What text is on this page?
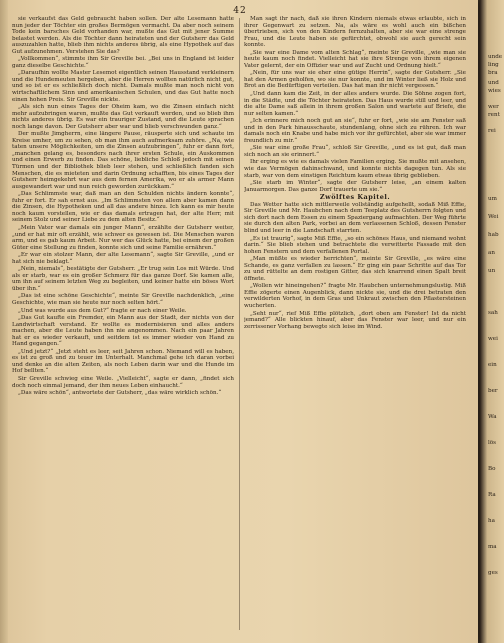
42

sie verkaufst das Geld gebraucht haben sollen. Der alte Lesemann hatte nun jeder der Töchter ein großes Bermögen vermacht. Da aber noch seinem Tode kein barsches Geld vorhanden war, mußte das Gut mit jener Summe belastet werden. Als die Töchter dann heirateten und der Gutsherr das Geld auszuzahlen hatte, blieb ihm nichts anderes übrig, als eine Hypothek auf das Gut aufzunehmen. Verstehen Sie das?

„Vollkommen“, stimmte ihm Sir Greville bei. „Bei uns in England ist leider ganz dieselbe Geschichte.“

„Daraufhin wollte Master Lesemot eigentlich seinen Hausstand verkleinern und die Hundemeuten hergeben, aber die Herren wollten natürlich nicht gut, und so ist er es schließlich doch nicht. Damals mußte man noch nicht von wirtschaftlichem Sinn und amerikanischen Schulen, und das Gut hatte noch einen hohen Preis. Sir Greville nickte.

„Als sich nun eines Tages der Oheim kam, wo die Zinsen einfach nicht mehr aufzubringen waren, mußte das Gut verkauft werden, und so blieb ihm nichts anderes übrig. Es war ein trauriger Zustand, und die Leute sprachen noch lange davon. Der Gutsherr aber war und blieb verschwunden ganz.“

Der mußte Jimgherrn, eine längere Pause, räusperte sich und schaute im Kreise umher, um zu sehen, ob man ihm auch aufmerksam zuhöre. „Na, wie taten unsere Möglichkeiten, um die Zinsen aufzubringen“, fuhr er dann fort, „manchen gelang es, besonders nach ihrer ersten Schule, ein Auskommen und einen Erwerb zu finden. Das schöne, liebliche Schloß jedoch mit seinen Türmen und der Bibliothek blieb leer stehen, und schließlich fanden sich Menschen, die es mieteten und darin Ordnung schafften, bis eines Tages der Gutsherr heimgekehrt war aus dem fernen Amerika, wo er als armer Mann ausgewandert war und nun reich geworden zurückkam.“

„Das Schlimmste war, daß man an den Schulden nichts ändern konnte“, fuhr er fort. Er sah ernst aus. „Im Schlimmsten von allem aber kamen dann die Zinsen, die Hypotheken und all das andere hinzu. Ich kann es mir heute noch kaum vorstellen, wie er das damals ertragen hat, der alte Herr, mit seinem Stolz und seiner Liebe zu dem alten Besitz.“

„Mein Vater war damals ein junger Mann“, erzählte der Gutsherr weiter, „und er hat mir oft erzählt, wie schwer es gewesen ist. Die Menschen waren arm, und es gab kaum Arbeit. Nur wer das Glück hatte, bei einem der großen Güter eine Stellung zu finden, konnte sich und seine Familie ernähren.“

„Er war ein stolzer Mann, der alte Lesemann“, sagte Sir Greville, „und er hat sich nie beklagt.“

„Nein, niemals“, bestätigte der Gutsherr. „Er trug sein Los mit Würde. Und als er starb, war es ein großer Schmerz für das ganze Dorf. Sie kamen alle, um ihn auf seinem letzten Weg zu begleiten, und keiner hatte ein böses Wort über ihn.“

„Das ist eine schöne Geschichte“, meinte Sir Greville nachdenklich, „eine Geschichte, wie man sie heute nur noch selten hört.“

„Und was wurde aus dem Gut?“ fragte er nach einer Weile.

„Das Gut kaufte ein Fremder, ein Mann aus der Stadt, der nichts von der Landwirtschaft verstand. Er wollte es modernisieren und alles anders machen, aber die Leute haben ihn nie angenommen. Nach ein paar Jahren hat er es wieder verkauft, und seitdem ist es immer wieder von Hand zu Hand gegangen.“

„Und jetzt?“ „Jetzt steht es leer, seit Jahren schon. Niemand will es haben, es ist zu groß und zu teuer im Unterhalt. Manchmal gehe ich daran vorbei und denke an die alten Zeiten, als noch Leben darin war und die Hunde im Hof bellten.“

Sir Greville schwieg eine Weile. „Vielleicht“, sagte er dann, „findet sich doch noch einmal jemand, der ihm neues Leben einhaucht.“

„Das wäre schön“, antwortete der Gutsherr, „das wäre wirklich schön.“

Man sagt ihr nach, daß sie ihren Kindern niemals etwas erlaubte, sich in ihrer Gegenwart zu setzen. Na, als wäre es wohl auch ein bißchen übertrieben, sich von den Kindern fernzuhalten, aber sie war eine strenge Frau, und die Leute haben sie gefürchtet, obwohl sie auch gerecht sein konnte.

„Sie war eine Dame vom alten Schlag“, meinte Sir Greville, „wie man sie heute kaum noch findet. Vielleicht hat sie ihre Strenge von ihrem eigenen Vater gelernt, der ein Offizier war und auf Zucht und Ordnung hielt.“

„Nein, für uns war sie eher eine gütige Herrin“, sagte der Gutsherr. „Sie hat den Armen geholfen, wo sie nur konnte, und im Winter ließ sie Holz und Brot an die Bedürftigen verteilen. Das hat man ihr nicht vergessen.“

„Und dann kam die Zeit, in der alles anders wurde. Die Söhne zogen fort, in die Städte, und die Töchter heirateten. Das Haus wurde still und leer, und die alte Dame saß allein in ihrem großen Salon und wartete auf Briefe, die nur selten kamen.“

„Ich erinnere mich noch gut an sie“, fuhr er fort, „wie sie am Fenster saß und in den Park hinausschaute, stundenlang, ohne sich zu rühren. Ich war damals noch ein Knabe und habe mich vor ihr gefürchtet, aber sie war immer freundlich zu mir.“

„Sie war eine große Frau“, schloß Sir Greville, „und es ist gut, daß man sich noch an sie erinnert.“

Ihr erging es wie es damals vielen Familien erging. Sie mußte mit ansehen, wie das Vermögen dahinschwand, und konnte nichts dagegen tun. Als sie starb, war von dem einstigen Reichtum kaum etwas übrig geblieben.

„Sie starb im Winter“, sagte der Gutsherr leise, „an einem kalten Januarmorgen. Das ganze Dorf trauerte um sie.“

Zwölftes Kapitel.

Das Wetter hatte sich mittlerweile vollständig aufgehellt, sodaß Miß Effie, Sir Greville und Mr. Haubchen nach dem Teeplatz des Gutsherrn folgten und sich dort nach dem Essen zu einem Spaziergang aufmachten. Der Weg führte sie durch den alten Park, vorbei an dem verlassenen Schloß, dessen Fenster blind und leer in die Landschaft starrten.

„Es ist traurig“, sagte Miß Effie, „so ein schönes Haus, und niemand wohnt darin.“ Sie blieb stehen und betrachtete die verwitterte Fassade mit den hohen Fenstern und dem verfallenen Portal.

„Man müßte es wieder herrichten“, meinte Sir Greville, „es wäre eine Schande, es ganz verfallen zu lassen.“ Er ging ein paar Schritte auf das Tor zu und rüttelte an dem rostigen Gitter, das sich knarrend einen Spalt breit öffnete.

„Wollen wir hineingehen?“ fragte Mr. Haubchen unternehmungslustig. Miß Effie zögerte einen Augenblick, dann nickte sie, und die drei betraten den verwilderten Vorhof, in dem Gras und Unkraut zwischen den Pflastersteinen wucherten.

„Seht nur“, rief Miß Effie plötzlich, „dort oben am Fenster! Ist da nicht jemand?“ Alle blickten hinauf, aber das Fenster war leer, und nur ein zerrissener Vorhang bewegte sich leise im Wind.

unde
ling
bra
und
wies
wer
rent
rei
um
Wei
hab
an
un
sah
wei
ein
ber
Wa
lös
Bo
Ra
ha
ma
ges
